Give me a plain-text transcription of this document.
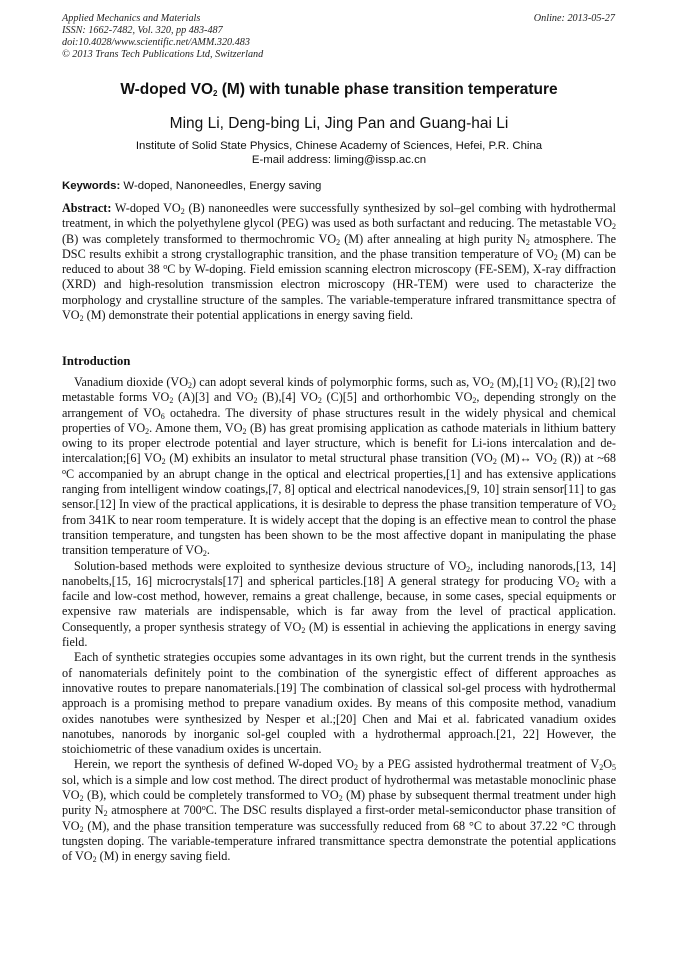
Applied Mechanics and Materials
ISSN: 1662-7482, Vol. 320, pp 483-487
doi:10.4028/www.scientific.net/AMM.320.483
© 2013 Trans Tech Publications Ltd, Switzerland
Online: 2013-05-27
W-doped $VO_2$ (M) with tunable phase transition temperature
Ming Li, Deng-bing Li, Jing Pan and Guang-hai Li
Institute of Solid State Physics, Chinese Academy of Sciences, Hefei, P.R. China
E-mail address: liming@issp.ac.cn
Keywords: W-doped, Nanoneedles, Energy saving

Abstract: W-doped $VO_2$ (B) nanoneedles were successfully synthesized by sol–gel combing with hydrothermal treatment, in which the polyethylene glycol (PEG) was used as both surfactant and reducing. The metastable $VO_2$ (B) was completely transformed to thermochromic $VO_2$ (M) after annealing at high purity $N_2$ atmosphere. The DSC results exhibit a strong crystallographic transition, and the phase transition temperature of $VO_2$ (M) can be reduced to about 38 $^o$C by W-doping. Field emission scanning electron microscopy (FE-SEM), X-ray diffraction (XRD) and high-resolution transmission electron microscopy (HR-TEM) were used to characterize the morphology and crystalline structure of the samples. The variable-temperature infrared transmittance spectra of $VO_2$ (M) demonstrate their potential applications in energy saving field.

Introduction

Vanadium dioxide $(VO_2)$ can adopt several kinds of polymorphic forms, such as, $VO_2$ (M),[1] $VO_2$ (R),[2] two metastable forms $VO_2$ (A)[3] and $VO_2$ (B),[4] $VO_2$ (C)[5] and orthorhombic $VO_2$, depending strongly on the arrangement of $VO_6$ octahedra. The diversity of phase structures result in the widely physical and chemical properties of $VO_2$. Amone them, $VO_2$ (B) has great promising application as cathode materials in lithium battery owing to its proper electrode potential and layer structure, which is benefit for Li-ions intercalation and de-intercalation;[6] $VO_2$ (M) exhibits an insulator to metal structural phase transition ($VO_2$ (M)↔ $VO_2$ (R)) at ~68 $^o$C accompanied by an abrupt change in the optical and electrical properties,[1] and has extensive applications ranging from intelligent window coatings,[7, 8] optical and electrical nanodevices,[9, 10] strain sensor[11] to gas sensor.[12] In view of the practical applications, it is desirable to depress the phase transition temperature of $VO_2$ from 341K to near room temperature. It is widely accept that the doping is an effective mean to control the phase transition temperature, and tungsten has been shown to be the most affective dopant in manipulating the phase transition temperature of $VO_2$.

Solution-based methods were exploited to synthesize devious structure of $VO_2$, including nanorods,[13, 14] nanobelts,[15, 16] microcrystals[17] and spherical particles.[18] A general strategy for producing $VO_2$ with a facile and low-cost method, however, remains a great challenge, because, in some cases, special equipments or expensive raw materials are indispensable, which is far away from the level of practical application. Consequently, a proper synthesis strategy of $VO_2$ (M) is essential in achieving the applications in energy saving field.

Each of synthetic strategies occupies some advantages in its own right, but the current trends in the synthesis of nanomaterials definitely point to the combination of the synergistic effect of different approaches as innovative routes to prepare nanomaterials.[19] The combination of classical sol-gel process with hydrothermal approach is a promising method to prepare vanadium oxides. By means of this composite method, vanadium oxides nanotubes were synthesized by Nesper et al.;[20] Chen and Mai et al. fabricated vanadium oxides nanotubes, nanorods by inorganic sol-gel coupled with a hydrothermal approach.[21, 22] However, the stoichiometric of these vanadium oxides is uncertain.

Herein, we report the synthesis of defined W-doped $VO_2$ by a PEG assisted hydrothermal treatment of $V_2O_5$ sol, which is a simple and low cost method. The direct product of hydrothermal was metastable monoclinic phase $VO_2$ (B), which could be completely transformed to $VO_2$ (M) phase by subsequent thermal treatment under high purity $N_2$ atmosphere at 700$^o$C. The DSC results displayed a first-order metal-semiconductor phase transition of $VO_2$ (M), and the phase transition temperature was successfully reduced from 68 °C to about 37.22 °C through tungsten doping. The variable-temperature infrared transmittance spectra demonstrate the potential applications of $VO_2$ (M) in energy saving field.
